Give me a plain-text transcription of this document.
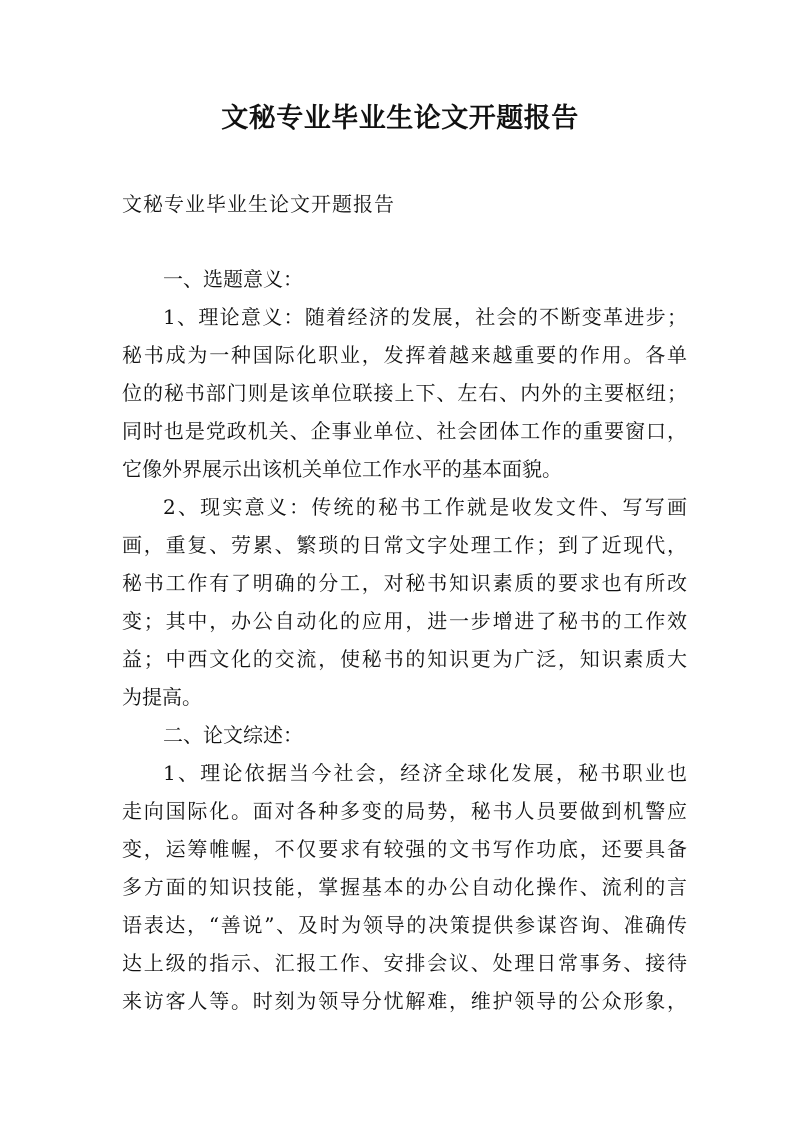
文秘专业毕业生论文开题报告

文秘专业毕业生论文开题报告

一、选题意义：

1、理论意义：随着经济的发展，社会的不断变革进步；

秘书成为一种国际化职业，发挥着越来越重要的作用。各单

位的秘书部门则是该单位联接上下、左右、内外的主要枢纽；

同时也是党政机关、企事业单位、社会团体工作的重要窗口，

它像外界展示出该机关单位工作水平的基本面貌。

2、现实意义：传统的秘书工作就是收发文件、写写画

画，重复、劳累、繁琐的日常文字处理工作；到了近现代，

秘书工作有了明确的分工，对秘书知识素质的要求也有所改

变；其中，办公自动化的应用，进一步增进了秘书的工作效

益；中西文化的交流，使秘书的知识更为广泛，知识素质大

为提高。

二、论文综述：

1、理论依据当今社会，经济全球化发展，秘书职业也

走向国际化。面对各种多变的局势，秘书人员要做到机警应

变，运筹帷幄，不仅要求有较强的文书写作功底，还要具备

多方面的知识技能，掌握基本的办公自动化操作、流利的言

语表达，“善说”、及时为领导的决策提供参谋咨询、准确传

达上级的指示、汇报工作、安排会议、处理日常事务、接待

来访客人等。时刻为领导分忧解难，维护领导的公众形象，
